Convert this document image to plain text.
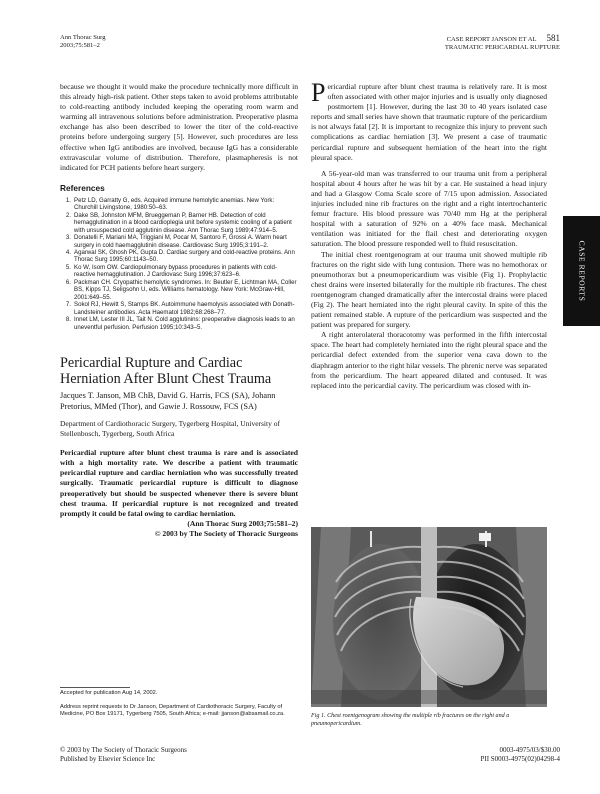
Ann Thorac Surg
2003;75:581–2
CASE REPORT JANSON ET AL 581
TRAUMATIC PERICARDIAL RUPTURE

because we thought it would make the procedure technically more difficult in this already high-risk patient. Other steps taken to avoid problems attributable to cold-reacting antibody included keeping the operating room warm and warming all intravenous solutions before administration. Preoperative plasma exchange has also been described to lower the titer of the cold-reactive proteins before undergoing surgery [5]. However, such procedures are less effective when IgG antibodies are involved, because IgG has a considerable extravascular volume of distribution. Therefore, plasmapheresis is not indicated for PCH patients before heart surgery.

References
1. Petz LD, Garratty G, eds. Acquired immune hemolytic anemias. New York: Churchill Livingstone, 1980:50–63.
2. Dake SB, Johnston MFM, Brueggeman P, Barner HB. Detection of cold hemagglutination in a blood cardioplegia unit before systemic cooling of a patient with unsuspected cold agglutinin disease. Ann Thorac Surg 1989;47:914–5.
3. Donatelli F, Mariani MA, Triggiani M, Pocar M, Santoro F, Grossi A. Warm heart surgery in cold haemagglutinin disease. Cardiovasc Surg 1995;3:191–2.
4. Agarwal SK, Ghosh PK, Gupta D. Cardiac surgery and cold-reactive proteins. Ann Thorac Surg 1995;60:1143–50.
5. Ko W, Isom OW. Cardiopulmonary bypass procedures in patients with cold-reactive hemagglutination. J Cardiovasc Surg 1996;37:623–6.
6. Packman CH. Cryopathic hemolytic syndromes. In: Beutler E, Lichtman MA, Coller BS, Kipps TJ, Seligsohn U, eds. Williams hematology. New York: McGraw-Hill, 2001:649–55.
7. Sokol RJ, Hewitt S, Stamps BK. Autoimmune haemolysis associated with Donath-Landsteiner antibodies. Acta Haematol 1982;68:268–77.
8. Innet LM, Lester III JL, Tait N. Cold agglutinins: preoperative diagnosis leads to an uneventful perfusion. Perfusion 1995;10:343–5.
Pericardial Rupture and Cardiac Herniation After Blunt Chest Trauma

Jacques T. Janson, MB ChB, David G. Harris, FCS (SA), Johann Pretorius, MMed (Thor), and Gawie J. Rossouw, FCS (SA)

Department of Cardiothoracic Surgery, Tygerberg Hospital, University of Stellenbosch, Tygerberg, South Africa

Pericardial rupture after blunt chest trauma is rare and is associated with a high mortality rate. We describe a patient with traumatic pericardial rupture and cardiac herniation who was successfully treated surgically. Traumatic pericardial rupture is difficult to diagnose preoperatively but should be suspected whenever there is severe blunt chest trauma. If pericardial rupture is not recognized and treated promptly it could be fatal owing to cardiac herniation.

(Ann Thorac Surg 2003;75:581–2)

© 2003 by The Society of Thoracic Surgeons

Accepted for publication Aug 14, 2002.
Address reprint requests to Dr Janson, Department of Cardiothoracic Surgery, Faculty of Medicine, PO Box 19171, Tygerberg 7505, South Africa; e-mail: jjanson@absamail.co.za.

Pericardial rupture after blunt chest trauma is relatively rare. It is most often associated with other major injuries and is usually only diagnosed postmortem [1]. However, during the last 30 to 40 years isolated case reports and small series have shown that traumatic rupture of the pericardium is not always fatal [2]. It is important to recognize this injury to prevent such complications as cardiac herniation [3]. We present a case of traumatic pericardial rupture and subsequent herniation of the heart into the right pleural space.

A 56-year-old man was transferred to our trauma unit from a peripheral hospital about 4 hours after he was hit by a car. He sustained a head injury and had a Glasgow Coma Scale score of 7/15 upon admission. Associated injuries included nine rib fractures on the right and a right intertrochanteric femur fracture. His blood pressure was 70/40 mm Hg at the peripheral hospital with a saturation of 92% on a 40% face mask. Mechanical ventilation was initiated for the flail chest and deteriorating oxygen saturation. The blood pressure responded well to fluid resuscitation.

The initial chest roentgenogram at our trauma unit showed multiple rib fractures on the right side with lung contusion. There was no hemothorax or pneumothorax but a pneumopericardium was visible (Fig 1). Prophylactic chest drains were inserted bilaterally for the multiple rib fractures. The chest roentgenogram changed dramatically after the intercostal drains were placed (Fig 2). The heart herniated into the right pleural cavity. In spite of this the patient remained stable. A rupture of the pericardium was suspected and the patient was prepared for surgery.

A right anterolateral thoracotomy was performed in the fifth intercostal space. The heart had completely herniated into the right pleural space and the pericardial defect extended from the superior vena cava down to the diaphragm anterior to the right hilar vessels. The phrenic nerve was separated from the pericardium. The heart appeared dilated and contused. It was replaced into the pericardial cavity. The pericardium was closed with in-

Fig 1. Chest roentgenogram showing the multiple rib fractures on the right and a pneumopericardium.
CASE REPORTS
© 2003 by The Society of Thoracic Surgeons
Published by Elsevier Science Inc
0003-4975/03/$30.00
PII S0003-4975(02)04298-4
